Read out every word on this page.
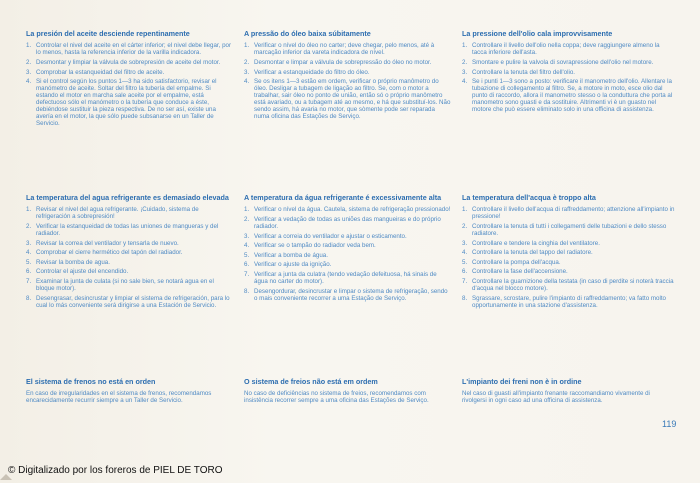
La presión del aceite desciende repentinamente
1. Controlar el nivel del aceite en el cárter inferior; el nivel debe llegar, por lo menos, hasta la referencia inferior de la varilla indicadora.
2. Desmontar y limpiar la válvula de sobrepresión de aceite del motor.
3. Comprobar la estanqueidad del filtro de aceite.
4. Si el control según los puntos 1—3 ha sido satisfactorio, revisar el manómetro de aceite. Soltar del filtro la tubería del empalme. Si estando el motor en marcha sale aceite por el empalme, está defectuoso sólo el manómetro o la tubería que conduce a éste, debiéndose sustituir la pieza respectiva. De no ser así, existe una avería en el motor, la que sólo puede subsanarse en un Taller de Servicio.
A pressão do óleo baixa súbitamente
1. Verificar o nível do óleo no carter; deve chegar, pelo menos, até à marcação inferior da vareta indicadora de nível.
2. Desmontar e limpar a válvula de sobrepressão do óleo no motor.
3. Verificar a estanqueidade do filtro do óleo.
4. Se os itens 1—3 estão em ordem, verificar o próprio manômetro do óleo. Desligar a tubagem de ligação ao filtro. Se, com o motor a trabalhar, sair óleo no ponto de união, então só o próprio manômetro está avariado, ou a tubagem até ao mesmo, e há que substituí-los. Não sendo assim, há avaria no motor, que sòmente pode ser reparada numa oficina das Estações de Serviço.
La pressione dell'olio cala improvvisamente
1. Controllare il livello dell'olio nella coppa; deve raggiungere almeno la tacca inferiore dell'asta.
2. Smontare e pulire la valvola di sovrapressione dell'olio nel motore.
3. Controllare la tenuta del filtro dell'olio.
4. Se i punti 1—3 sono a posto: verificare il manometro dell'olio. Allentare la tubazione di collegamento al filtro. Se, a motore in moto, esce olio dal punto di raccordo, allora il manometro stesso o la conduttura che porta al manometro sono guasti e da sostituire. Altrimenti vi è un guasto nel motore che può essere eliminato solo in una officina di assistenza.
La temperatura del agua refrigerante es demasiado elevada
1. Revisar el nivel del agua refrigerante. ¡Cuidado, sistema de refrigeración a sobrepresión!
2. Verificar la estanqueidad de todas las uniones de mangueras y del radiador.
3. Revisar la correa del ventilador y tensarla de nuevo.
4. Comprobar el cierre hermético del tapón del radiador.
5. Revisar la bomba de agua.
6. Controlar el ajuste del encendido.
7. Examinar la junta de culata (si no sale bien, se notará agua en el bloque motor).
8. Desengrasar, desincrustar y limpiar el sistema de refrigeración, para lo cual lo más conveniente será dirigirse a una Estación de Servicio.
A temperatura da água refrigerante é excessivamente alta
1. Verificar o nível da água. Cautela, sistema de refrigeração pressionado!
2. Verificar a vedação de todas as uniões das mangueiras e do próprio radiador.
3. Verificar a correia do ventilador e ajustar o esticamento.
4. Verificar se o tampão do radiador veda bem.
5. Verificar a bomba de água.
6. Verificar o ajuste da ignição.
7. Verificar a junta da culatra (tendo vedação defeituosa, há sinais de água no carter do motor).
8. Desengordurar, desincrustar e limpar o sistema de refrigeração, sendo o mais conveniente recorrer a uma Estação de Serviço.
La temperatura dell'acqua è troppo alta
1. Controllare il livello dell'acqua di raffreddamento; attenzione all'impianto in pressione!
2. Controllare la tenuta di tutti i collegamenti delle tubazioni e dello stesso radiatore.
3. Controllare e tendere la cinghia del ventilatore.
4. Controllare la tenuta del tappo del radiatore.
5. Controllare la pompa dell'acqua.
6. Controllare la fase dell'accensione.
7. Controllare la guarnizione della testata (in caso di perdite si noterà traccia d'acqua nel blocco motore).
8. Sgrassare, scrostare, pulire l'impianto di raffreddamento; va fatto molto opportunamente in una stazione d'assistenza.
El sistema de frenos no está en orden

En caso de irregularidades en el sistema de frenos, recomendamos encarecidamente recurrir siempre a un Taller de Servicio.

O sistema de freios não está em ordem

No caso de deficiências no sistema de freios, recomendamos com insistência recorrer sempre a uma oficina das Estações de Serviço.

L'impianto dei freni non è in ordine

Nel caso di guasti all'impianto frenante raccomandiamo vivamente di rivolgersi in ogni caso ad una officina di assistenza.

119
© Digitalizado por los foreros de PIEL DE TORO
